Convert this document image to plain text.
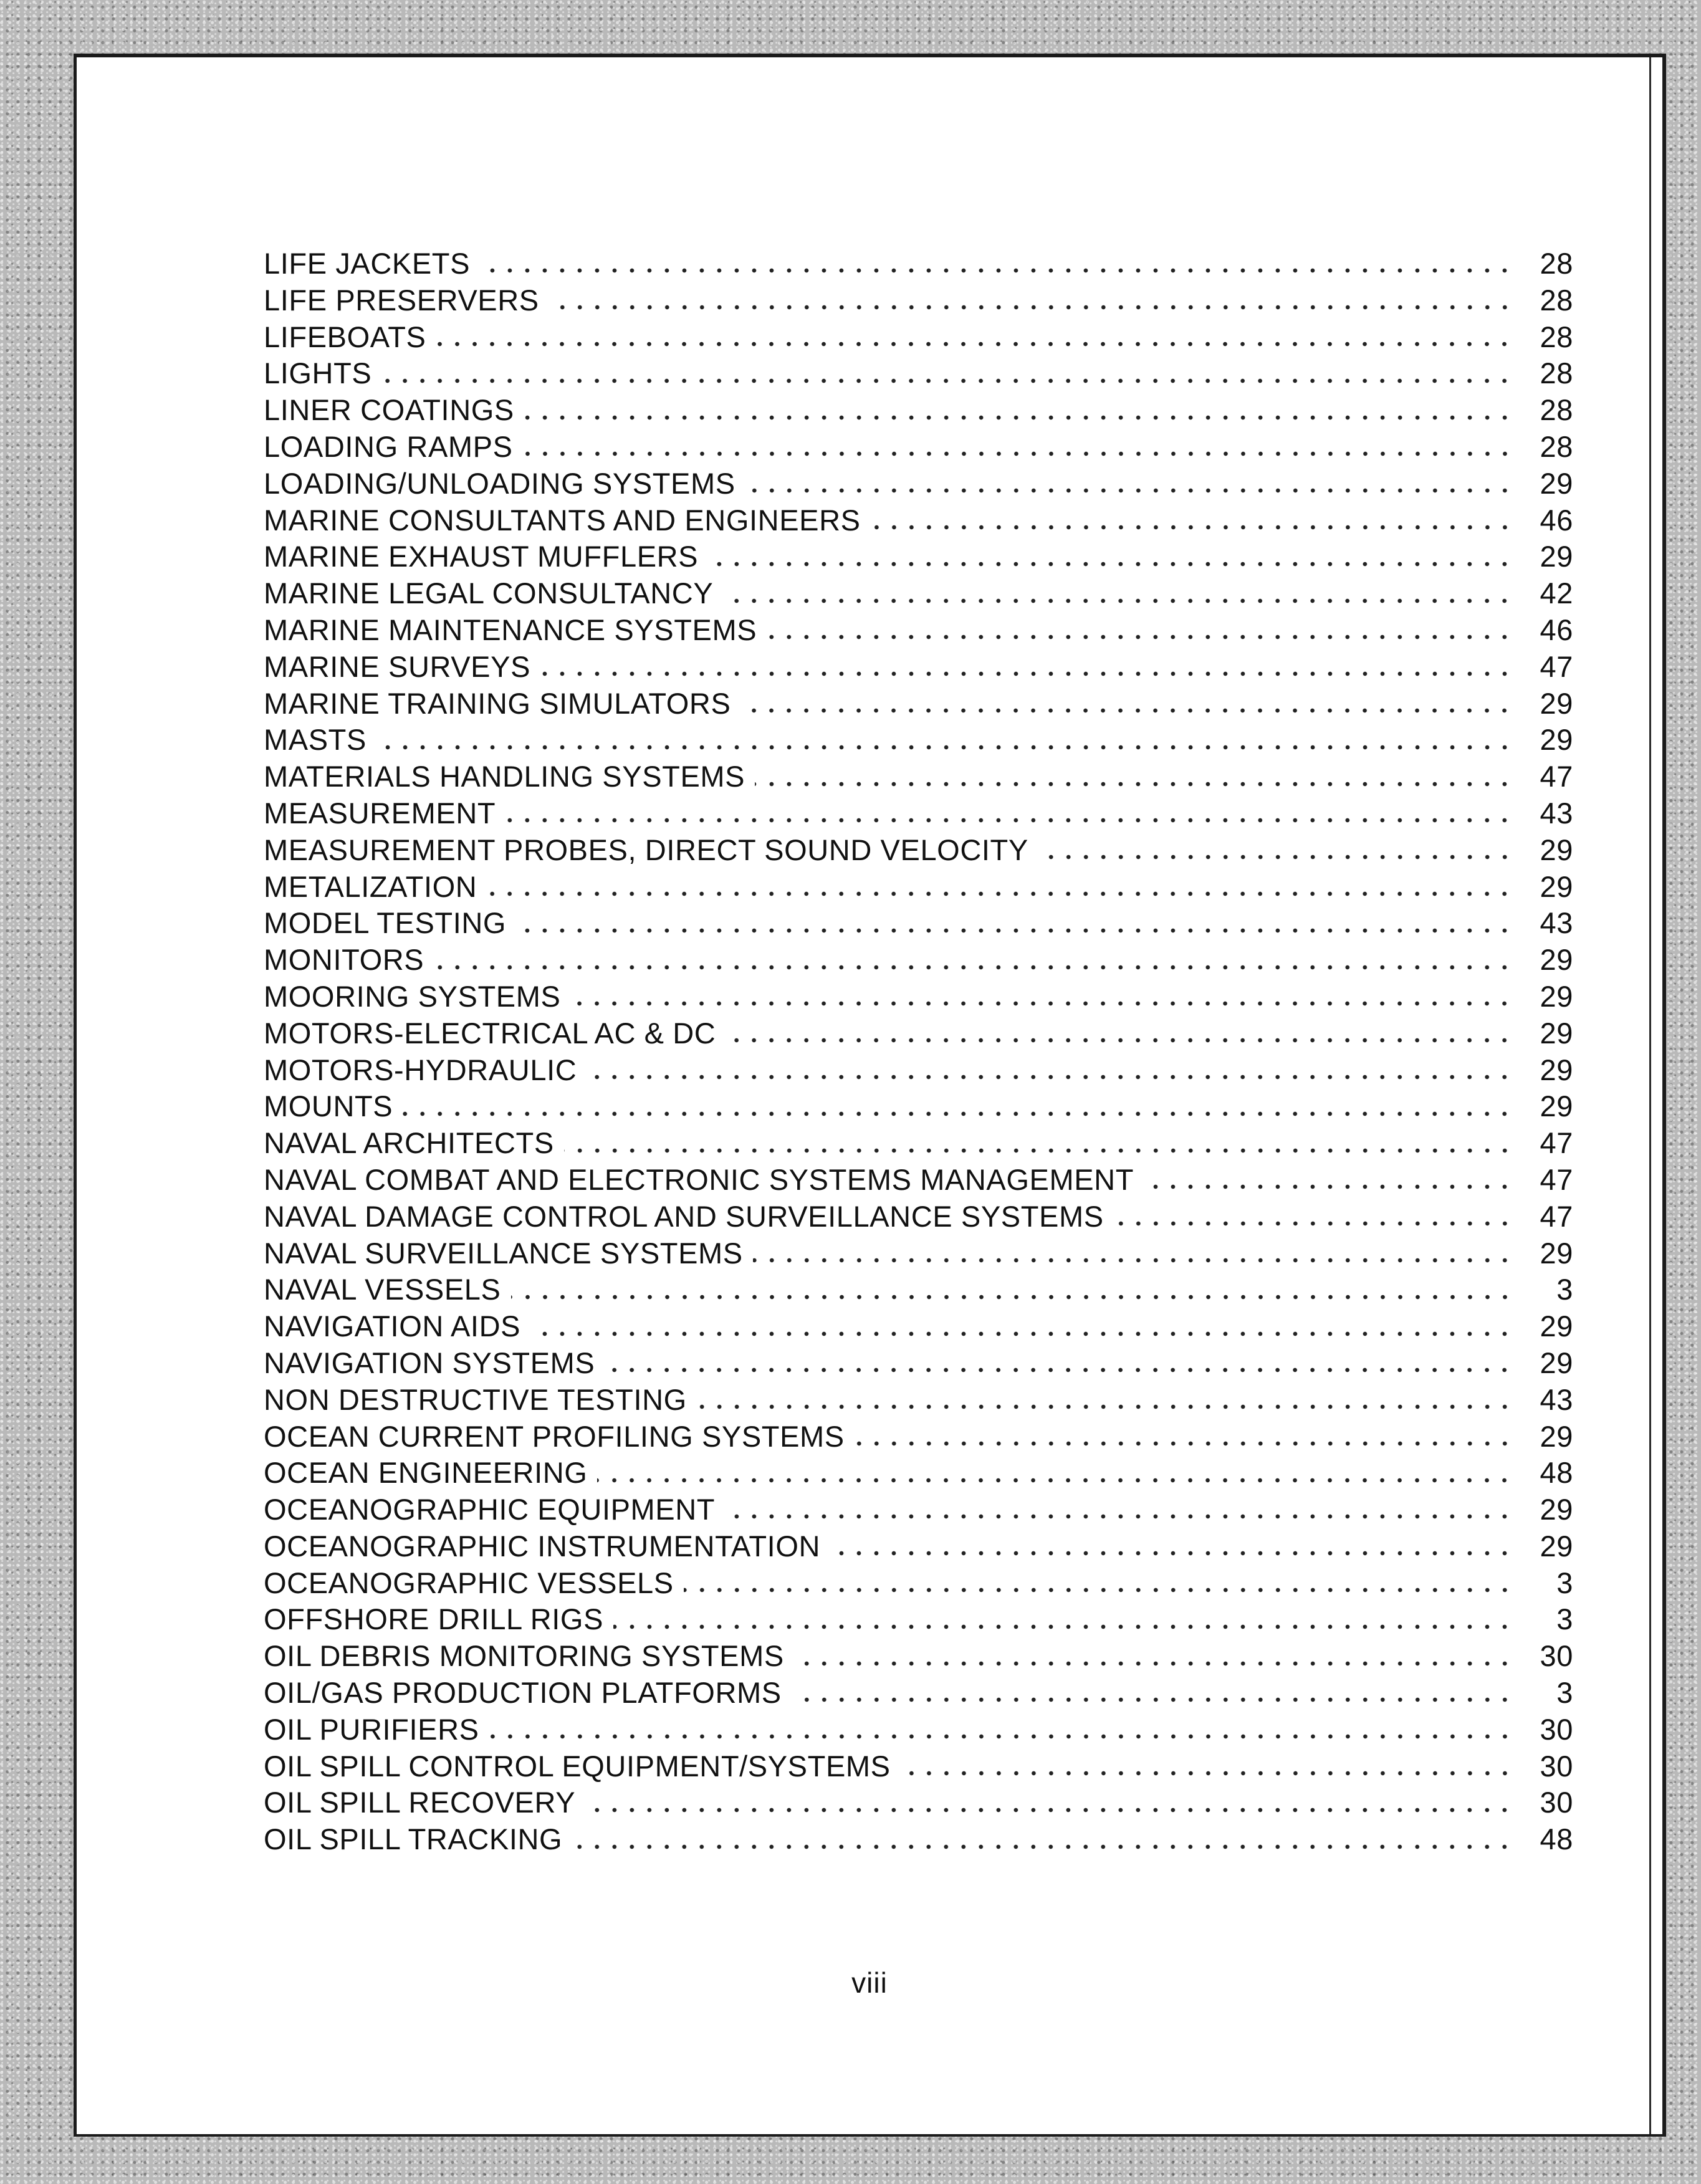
LIFE JACKETS	28
LIFE PRESERVERS	28
LIFEBOATS	28
LIGHTS	28
LINER COATINGS	28
LOADING RAMPS	28
LOADING/UNLOADING SYSTEMS	29
MARINE CONSULTANTS AND ENGINEERS	46
MARINE EXHAUST MUFFLERS	29
MARINE LEGAL CONSULTANCY	42
MARINE MAINTENANCE SYSTEMS	46
MARINE SURVEYS	47
MARINE TRAINING SIMULATORS	29
MASTS	29
MATERIALS HANDLING SYSTEMS	47
MEASUREMENT	43
MEASUREMENT PROBES, DIRECT SOUND VELOCITY	29
METALIZATION	29
MODEL TESTING	43
MONITORS	29
MOORING SYSTEMS	29
MOTORS-ELECTRICAL AC & DC	29
MOTORS-HYDRAULIC	29
MOUNTS	29
NAVAL ARCHITECTS	47
NAVAL COMBAT AND ELECTRONIC SYSTEMS MANAGEMENT	47
NAVAL DAMAGE CONTROL AND SURVEILLANCE SYSTEMS	47
NAVAL SURVEILLANCE SYSTEMS	29
NAVAL VESSELS	3
NAVIGATION AIDS	29
NAVIGATION SYSTEMS	29
NON DESTRUCTIVE TESTING	43
OCEAN CURRENT PROFILING SYSTEMS	29
OCEAN ENGINEERING	48
OCEANOGRAPHIC EQUIPMENT	29
OCEANOGRAPHIC INSTRUMENTATION	29
OCEANOGRAPHIC VESSELS	3
OFFSHORE DRILL RIGS	3
OIL DEBRIS MONITORING SYSTEMS	30
OIL/GAS PRODUCTION PLATFORMS	3
OIL PURIFIERS	30
OIL SPILL CONTROL EQUIPMENT/SYSTEMS	30
OIL SPILL RECOVERY	30
OIL SPILL TRACKING	48
viii
